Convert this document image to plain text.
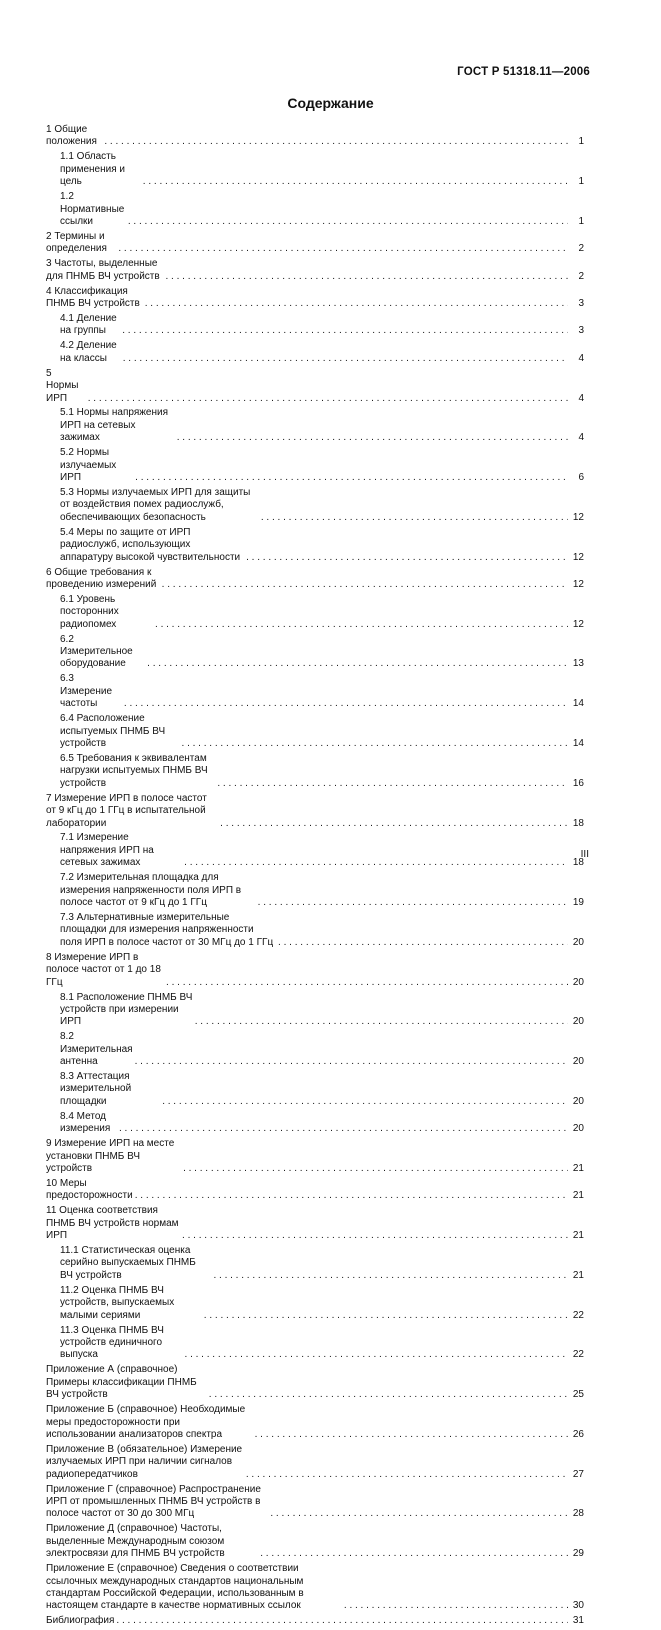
ГОСТ Р 51318.11—2006
Содержание
1 Общие положения . . .	1
1.1 Область применения и цель . . .	1
1.2 Нормативные ссылки . . .	1
2 Термины и определения . . .	2
3 Частоты, выделенные для ПНМБ ВЧ устройств . . .	2
4 Классификация ПНМБ ВЧ устройств . . .	3
4.1 Деление на группы . . .	3
4.2 Деление на классы . . .	4
5 Нормы ИРП . . .	4
5.1 Нормы напряжения ИРП на сетевых зажимах . . .	4
5.2 Нормы излучаемых ИРП . . .	6
5.3 Нормы излучаемых ИРП для защиты от воздействия помех радиослужб, обеспечивающих безопасность . . .	12
5.4 Меры по защите от ИРП радиослужб, использующих аппаратуру высокой чувствительности . . .	12
6 Общие требования к проведению измерений . . .	12
6.1 Уровень посторонних радиопомех . . .	12
6.2 Измерительное оборудование . . .	13
6.3 Измерение частоты . . .	14
6.4 Расположение испытуемых ПНМБ ВЧ устройств . . .	14
6.5 Требования к эквивалентам нагрузки испытуемых ПНМБ ВЧ устройств . . .	16
7 Измерение ИРП в полосе частот от 9 кГц до 1 ГГц в испытательной лаборатории . . .	18
7.1 Измерение напряжения ИРП на сетевых зажимах . . .	18
7.2 Измерительная площадка для измерения напряженности поля ИРП в полосе частот от 9 кГц до 1 ГГц . . .	19
7.3 Альтернативные измерительные площадки для измерения напряженности поля ИРП в полосе частот от 30 МГц до 1 ГГц . . .	20
8 Измерение ИРП в полосе частот от 1 до 18 ГГц . . .	20
8.1 Расположение ПНМБ ВЧ устройств при измерении ИРП . . .	20
8.2 Измерительная антенна . . .	20
8.3 Аттестация измерительной площадки . . .	20
8.4 Метод измерения . . .	20
9 Измерение ИРП на месте установки ПНМБ ВЧ устройств . . .	21
10 Меры предосторожности . . .	21
11 Оценка соответствия ПНМБ ВЧ устройств нормам ИРП . . .	21
11.1 Статистическая оценка серийно выпускаемых ПНМБ ВЧ устройств . . .	21
11.2 Оценка ПНМБ ВЧ устройств, выпускаемых малыми сериями . . .	22
11.3 Оценка ПНМБ ВЧ устройств единичного выпуска . . .	22
Приложение А (справочное) Примеры классификации ПНМБ ВЧ устройств . . .	25
Приложение Б (справочное) Необходимые меры предосторожности при использовании анализаторов спектра . . .	26
Приложение В (обязательное) Измерение излучаемых ИРП при наличии сигналов радиопередатчиков . . .	27
Приложение Г (справочное) Распространение ИРП от промышленных ПНМБ ВЧ устройств в полосе частот от 30 до 300 МГц . . .	28
Приложение Д (справочное) Частоты, выделенные Международным союзом электросвязи для ПНМБ ВЧ устройств . . .	29
Приложение Е (справочное) Сведения о соответствии ссылочных международных стандартов национальным стандартам Российской Федерации, использованным в настоящем стандарте в качестве нормативных ссылок . . .	30
Библиография . . .	31
III
